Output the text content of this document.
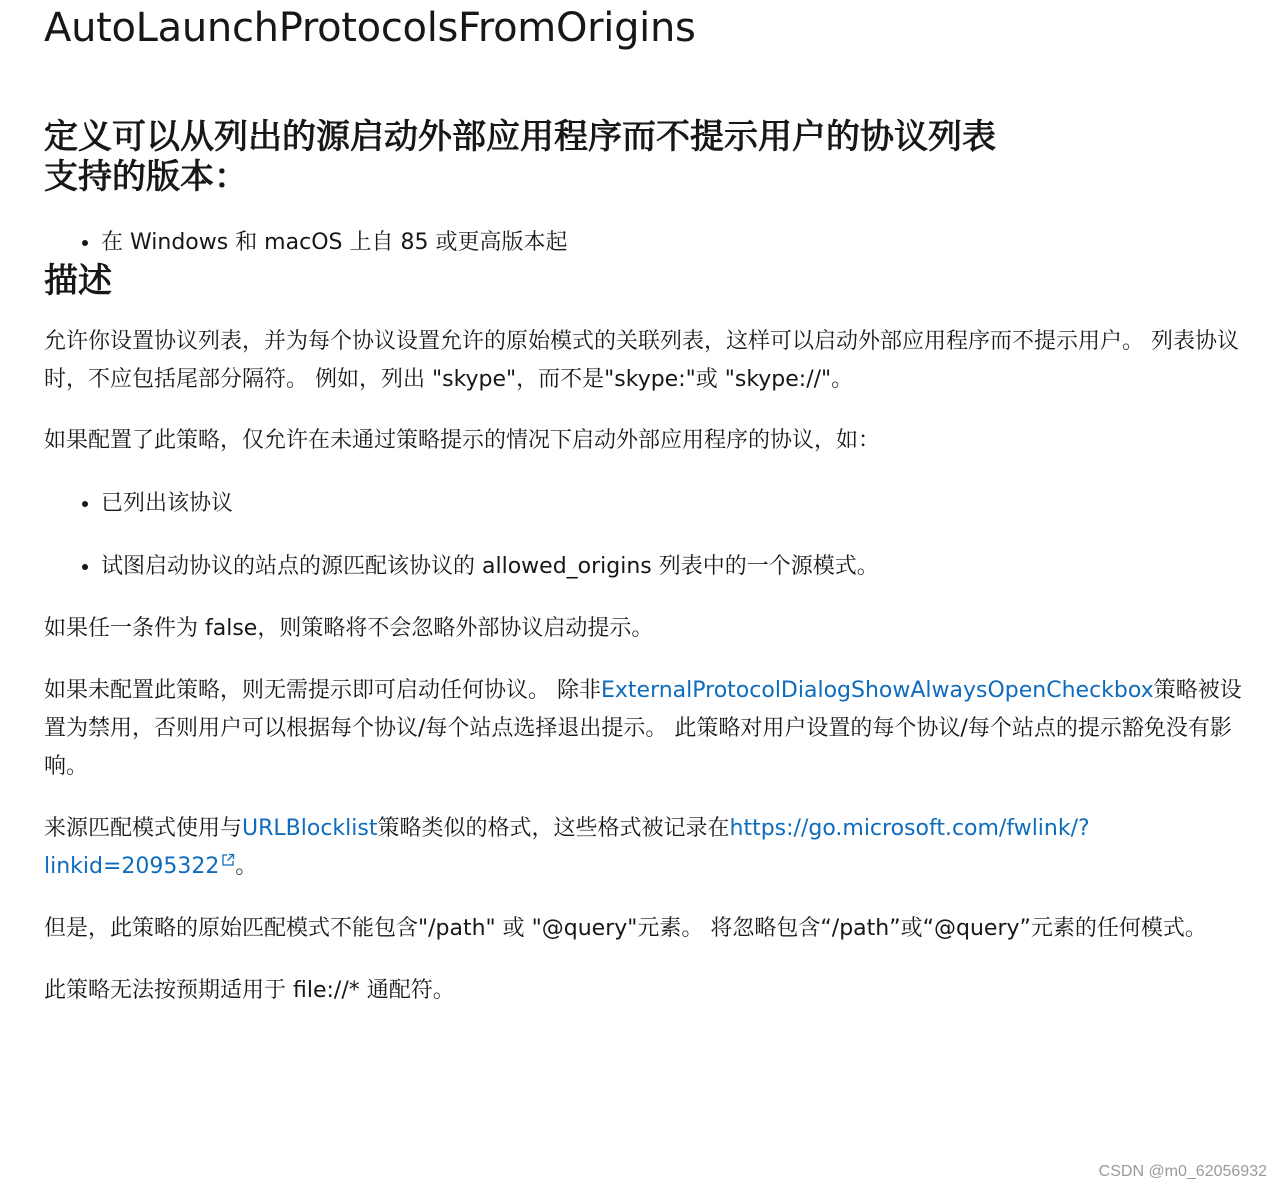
AutoLaunchProtocolsFromOrigins
定义可以从列出的源启动外部应用程序而不提示用户的协议列表
支持的版本：
• 在 Windows 和 macOS 上自 85 或更高版本起
描述

允许你设置协议列表，并为每个协议设置允许的原始模式的关联列表，这样可以启动外部应用程序而不提示用户。 列表协议时，不应包括尾部分隔符。 例如，列出 "skype"，而不是"skype:"或 "skype://"。

如果配置了此策略，仅允许在未通过策略提示的情况下启动外部应用程序的协议，如：

• 已列出该协议
• 试图启动协议的站点的源匹配该协议的 allowed_origins 列表中的一个源模式。

如果任一条件为 false，则策略将不会忽略外部协议启动提示。

如果未配置此策略，则无需提示即可启动任何协议。 除非ExternalProtocolDialogShowAlwaysOpenCheckbox策略被设置为禁用，否则用户可以根据每个协议/每个站点选择退出提示。 此策略对用户设置的每个协议/每个站点的提示豁免没有影响。

来源匹配模式使用与URLBlocklist策略类似的格式，这些格式被记录在https://go.microsoft.com/fwlink/?linkid=2095322 。

但是，此策略的原始匹配模式不能包含"/path" 或 "@query"元素。 将忽略包含“/path”或“@query”元素的任何模式。

此策略无法按预期适用于 file://* 通配符。

CSDN @m0_62056932
